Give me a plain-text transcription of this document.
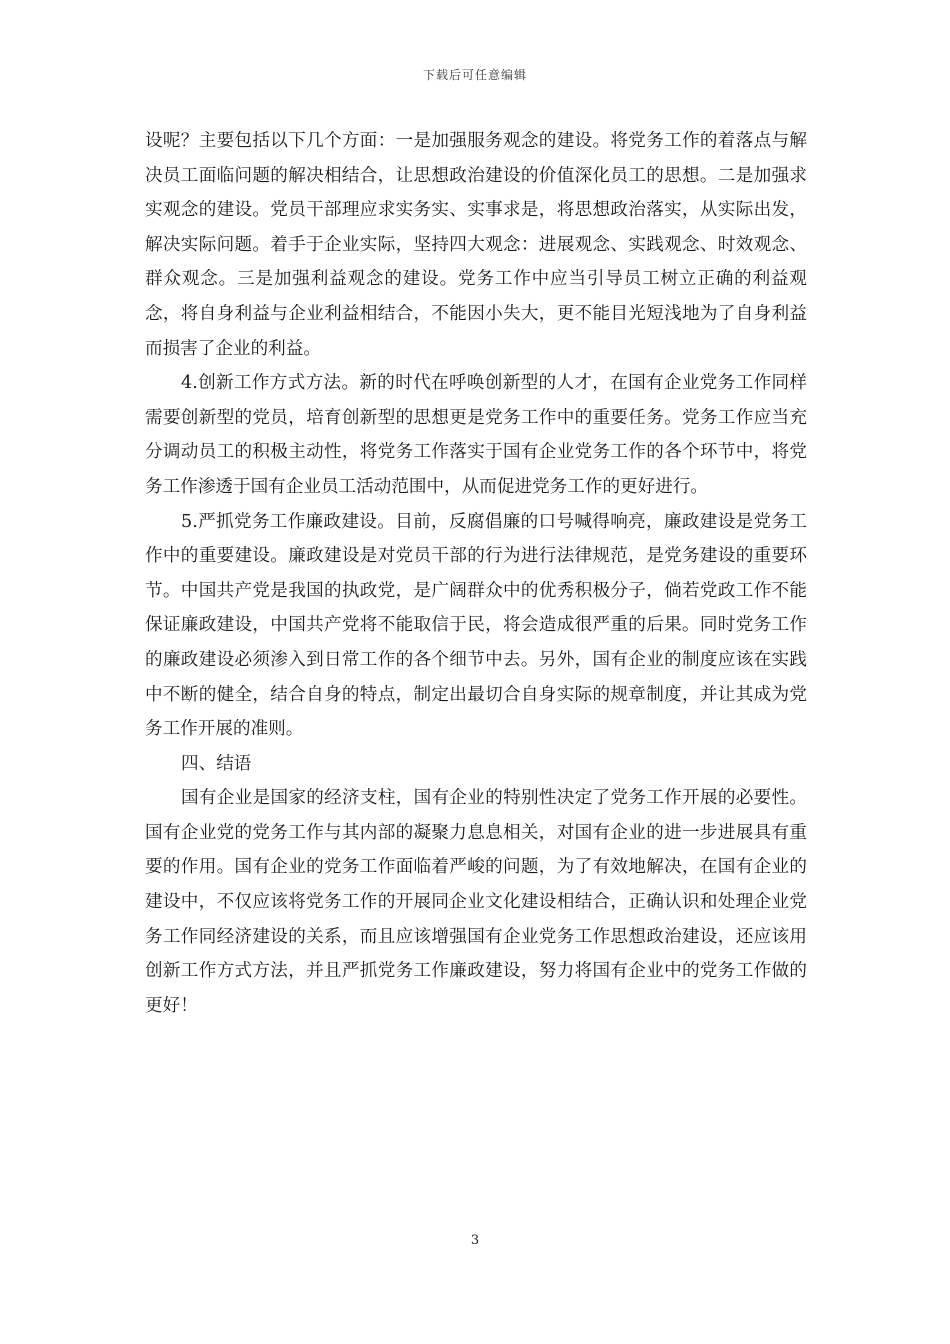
下载后可任意编辑

设呢？主要包括以下几个方面：一是加强服务观念的建设。将党务工作的着落点与解决员工面临问题的解决相结合，让思想政治建设的价值深化员工的思想。二是加强求实观念的建设。党员干部理应求实务实、实事求是，将思想政治落实，从实际出发，解决实际问题。着手于企业实际，坚持四大观念：进展观念、实践观念、时效观念、群众观念。三是加强利益观念的建设。党务工作中应当引导员工树立正确的利益观念，将自身利益与企业利益相结合，不能因小失大，更不能目光短浅地为了自身利益而损害了企业的利益。

4.创新工作方式方法。新的时代在呼唤创新型的人才，在国有企业党务工作同样需要创新型的党员，培育创新型的思想更是党务工作中的重要任务。党务工作应当充分调动员工的积极主动性，将党务工作落实于国有企业党务工作的各个环节中，将党务工作渗透于国有企业员工活动范围中，从而促进党务工作的更好进行。

5.严抓党务工作廉政建设。目前，反腐倡廉的口号喊得响亮，廉政建设是党务工作中的重要建设。廉政建设是对党员干部的行为进行法律规范，是党务建设的重要环节。中国共产党是我国的执政党，是广阔群众中的优秀积极分子，倘若党政工作不能保证廉政建设，中国共产党将不能取信于民，将会造成很严重的后果。同时党务工作的廉政建设必须渗入到日常工作的各个细节中去。另外，国有企业的制度应该在实践中不断的健全，结合自身的特点，制定出最切合自身实际的规章制度，并让其成为党务工作开展的准则。

四、结语

国有企业是国家的经济支柱，国有企业的特别性决定了党务工作开展的必要性。国有企业党的党务工作与其内部的凝聚力息息相关，对国有企业的进一步进展具有重要的作用。国有企业的党务工作面临着严峻的问题，为了有效地解决，在国有企业的建设中，不仅应该将党务工作的开展同企业文化建设相结合，正确认识和处理企业党务工作同经济建设的关系，而且应该增强国有企业党务工作思想政治建设，还应该用创新工作方式方法，并且严抓党务工作廉政建设，努力将国有企业中的党务工作做的更好！

3
